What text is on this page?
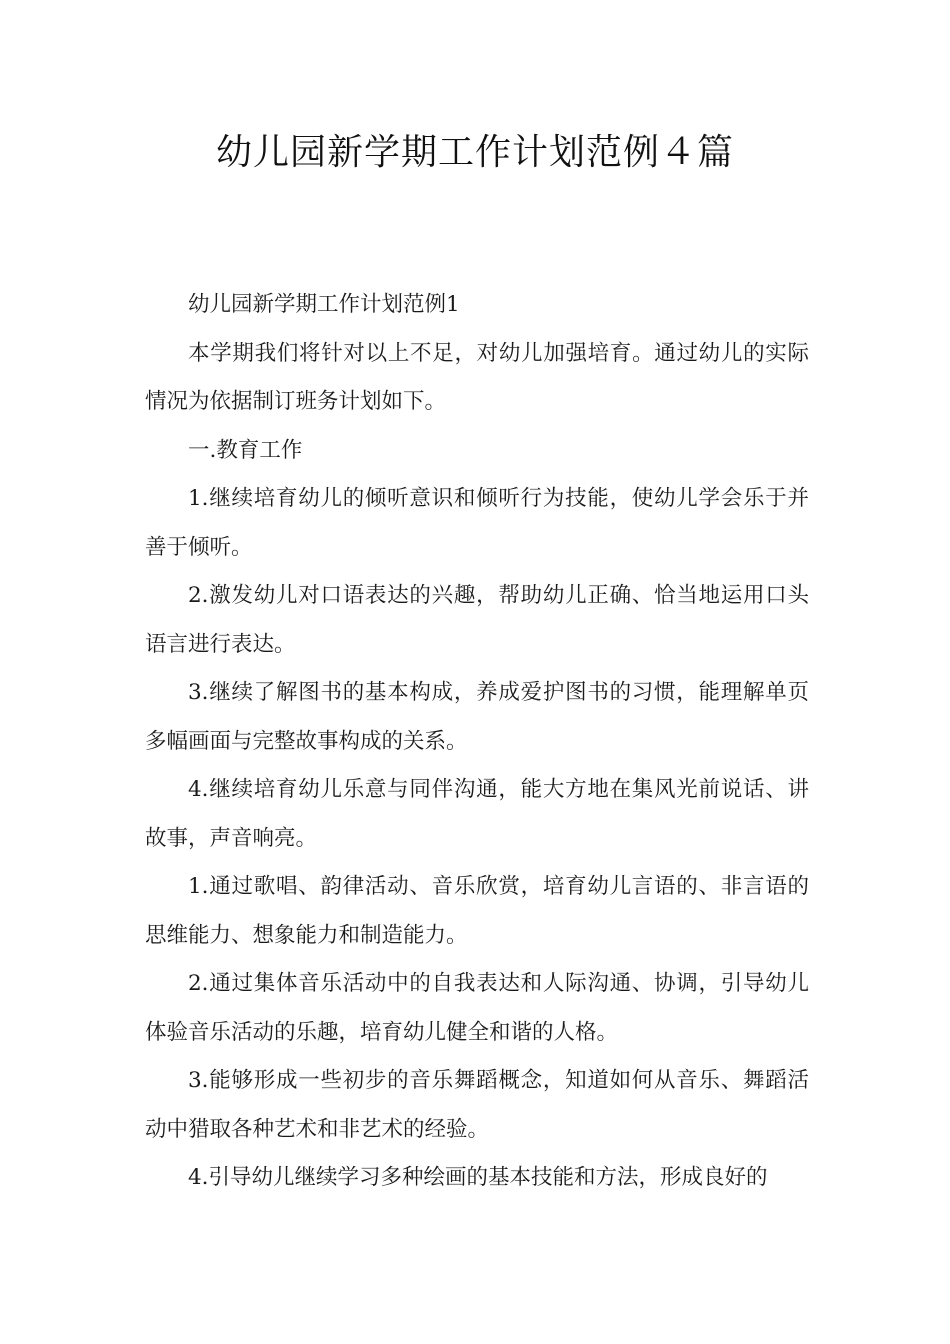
幼儿园新学期工作计划范例４篇

幼儿园新学期工作计划范例1

本学期我们将针对以上不足，对幼儿加强培育。通过幼儿的实际情况为依据制订班务计划如下。

一.教育工作

1.继续培育幼儿的倾听意识和倾听行为技能，使幼儿学会乐于并善于倾听。

2.激发幼儿对口语表达的兴趣，帮助幼儿正确、恰当地运用口头语言进行表达。

3.继续了解图书的基本构成，养成爱护图书的习惯，能理解单页多幅画面与完整故事构成的关系。

4.继续培育幼儿乐意与同伴沟通，能大方地在集风光前说话、讲故事，声音响亮。

1.通过歌唱、韵律活动、音乐欣赏，培育幼儿言语的、非言语的思维能力、想象能力和制造能力。

2.通过集体音乐活动中的自我表达和人际沟通、协调，引导幼儿体验音乐活动的乐趣，培育幼儿健全和谐的人格。

3.能够形成一些初步的音乐舞蹈概念，知道如何从音乐、舞蹈活动中猎取各种艺术和非艺术的经验。

4.引导幼儿继续学习多种绘画的基本技能和方法，形成良好的
